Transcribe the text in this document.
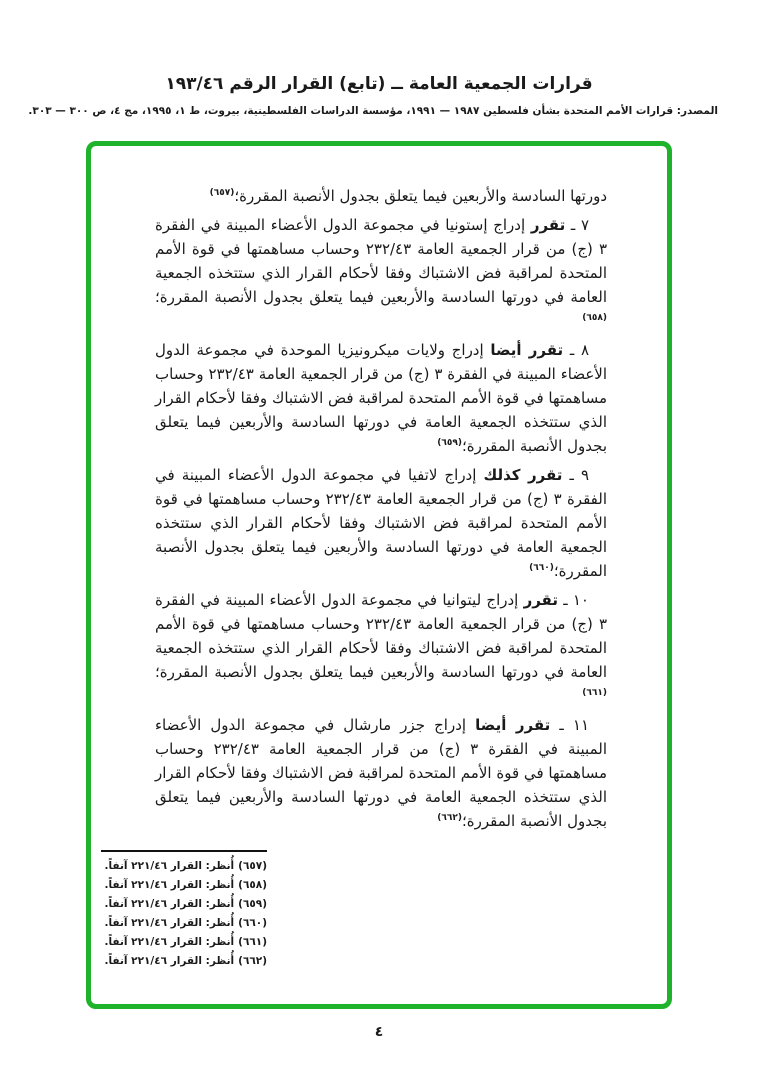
قرارات الجمعية العامة ــ (تابع) القرار الرقم ١٩٣/٤٦
المصدر: قرارات الأمم المتحدة بشأن فلسطين ١٩٨٧ — ١٩٩١، مؤسسة الدراسات الفلسطينية، بيروت، ط ١، ١٩٩٥، مج ٤، ص ٣٠٠ — ٣٠٣.

دورتها السادسة والأربعين فيما يتعلق بجدول الأنصبة المقررة؛$^{(٦٥٧)}$

٧ ـ تقرر إدراج إستونيا في مجموعة الدول الأعضاء المبينة في الفقرة ٣ (ج) من قرار الجمعية العامة ٢٣٢/٤٣ وحساب مساهمتها في قوة الأمم المتحدة لمراقبة فض الاشتباك وفقا لأحكام القرار الذي ستتخذه الجمعية العامة في دورتها السادسة والأربعين فيما يتعلق بجدول الأنصبة المقررة؛$^{(٦٥٨)}$

٨ ـ تقرر أيضا إدراج ولايات ميكرونيزيا الموحدة في مجموعة الدول الأعضاء المبينة في الفقرة ٣ (ج) من قرار الجمعية العامة ٢٣٢/٤٣ وحساب مساهمتها في قوة الأمم المتحدة لمراقبة فض الاشتباك وفقا لأحكام القرار الذي ستتخذه الجمعية العامة في دورتها السادسة والأربعين فيما يتعلق بجدول الأنصبة المقررة؛$^{(٦٥٩)}$

٩ ـ تقرر كذلك إدراج لاتفيا في مجموعة الدول الأعضاء المبينة في الفقرة ٣ (ج) من قرار الجمعية العامة ٢٣٢/٤٣ وحساب مساهمتها في قوة الأمم المتحدة لمراقبة فض الاشتباك وفقا لأحكام القرار الذي ستتخذه الجمعية العامة في دورتها السادسة والأربعين فيما يتعلق بجدول الأنصبة المقررة؛$^{(٦٦٠)}$

١٠ ـ تقرر إدراج ليتوانيا في مجموعة الدول الأعضاء المبينة في الفقرة ٣ (ج) من قرار الجمعية العامة ٢٣٢/٤٣ وحساب مساهمتها في قوة الأمم المتحدة لمراقبة فض الاشتباك وفقا لأحكام القرار الذي ستتخذه الجمعية العامة في دورتها السادسة والأربعين فيما يتعلق بجدول الأنصبة المقررة؛$^{(٦٦١)}$

١١ ـ تقرر أيضا إدراج جزر مارشال في مجموعة الدول الأعضاء المبينة في الفقرة ٣ (ج) من قرار الجمعية العامة ٢٣٢/٤٣ وحساب مساهمتها في قوة الأمم المتحدة لمراقبة فض الاشتباك وفقا لأحكام القرار الذي ستتخذه الجمعية العامة في دورتها السادسة والأربعين فيما يتعلق بجدول الأنصبة المقررة؛$^{(٦٦٢)}$

(٦٥٧)أُنظر: القرار ٢٢١/٤٦ آنفاً.
(٦٥٨)أُنظر: القرار ٢٢١/٤٦ آنفاً.
(٦٥٩)أُنظر: القرار ٢٢١/٤٦ آنفاً.
(٦٦٠)أُنظر: القرار ٢٢١/٤٦ آنفاً.
(٦٦١)أُنظر: القرار ٢٢١/٤٦ آنفاً.
(٦٦٢)أُنظر: القرار ٢٢١/٤٦ آنفاً.
٤
